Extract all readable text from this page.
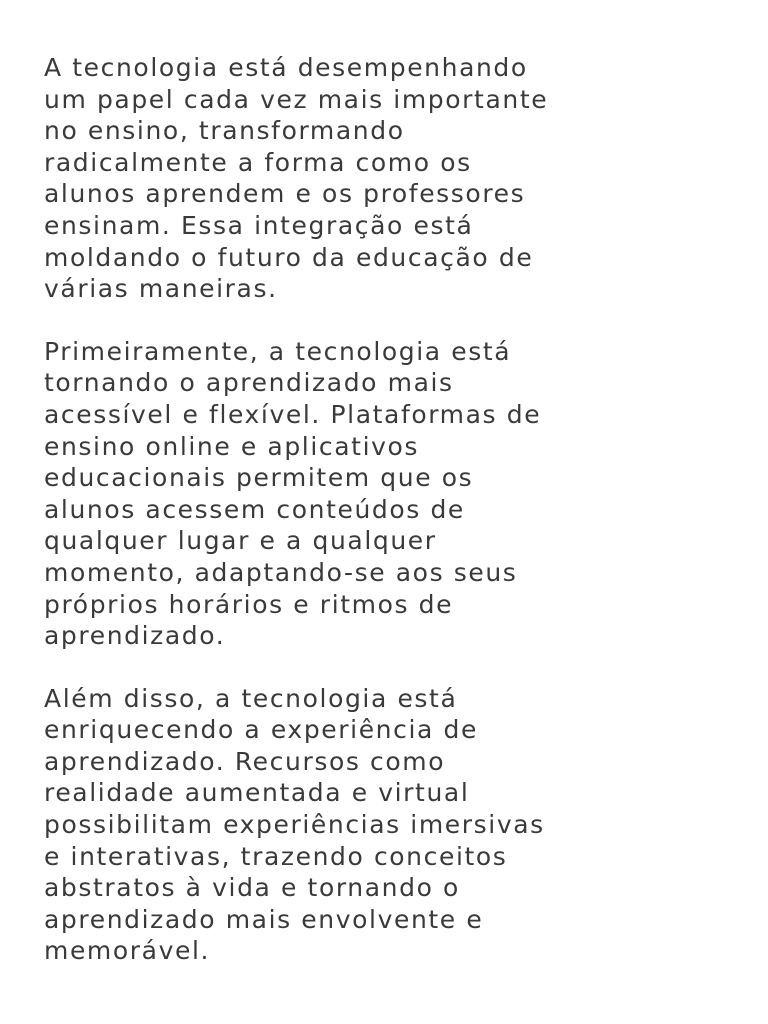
A tecnologia está desempenhando
um papel cada vez mais importante
no ensino, transformando
radicalmente a forma como os
alunos aprendem e os professores
ensinam. Essa integração está
moldando o futuro da educação de
várias maneiras.

Primeiramente, a tecnologia está
tornando o aprendizado mais
acessível e flexível. Plataformas de
ensino online e aplicativos
educacionais permitem que os
alunos acessem conteúdos de
qualquer lugar e a qualquer
momento, adaptando-se aos seus
próprios horários e ritmos de
aprendizado.

Além disso, a tecnologia está
enriquecendo a experiência de
aprendizado. Recursos como
realidade aumentada e virtual
possibilitam experiências imersivas
e interativas, trazendo conceitos
abstratos à vida e tornando o
aprendizado mais envolvente e
memorável.
